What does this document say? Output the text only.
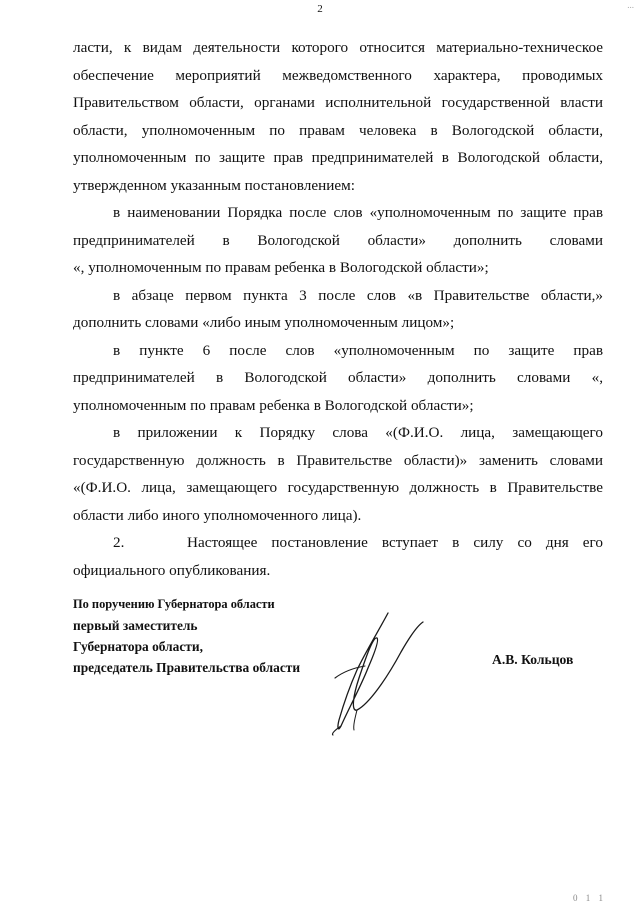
...
2

ласти, к видам деятельности которого относится материально-техническое обеспечение мероприятий межведомственного характера, проводимых Правительством области, органами исполнительной государственной власти области, уполномоченным по правам человека в Вологодской области, уполномоченным по защите прав предпринимателей в Вологодской области, утвержденном указанным постановлением:

в наименовании Порядка после слов «уполномоченным по защите прав предпринимателей в Вологодской области» дополнить словами

«, уполномоченным по правам ребенка в Вологодской области»;

в абзаце первом пункта 3 после слов «в Правительстве области,» дополнить словами «либо иным уполномоченным лицом»;

в пункте 6 после слов «уполномоченным по защите прав предпринимателей в Вологодской области» дополнить словами «, уполномоченным по правам ребенка в Вологодской области»;

в приложении к Порядку слова «(Ф.И.О. лица, замещающего государственную должность в Правительстве области)» заменить словами «(Ф.И.О. лица, замещающего государственную должность в Правительстве области либо иного уполномоченного лица).

2.	Настоящее постановление вступает в силу со дня его официального опубликования.

По поручению Губернатора области
первый заместитель
Губернатора области,
председатель Правительства области
А.В. Кольцов
0 1 1
